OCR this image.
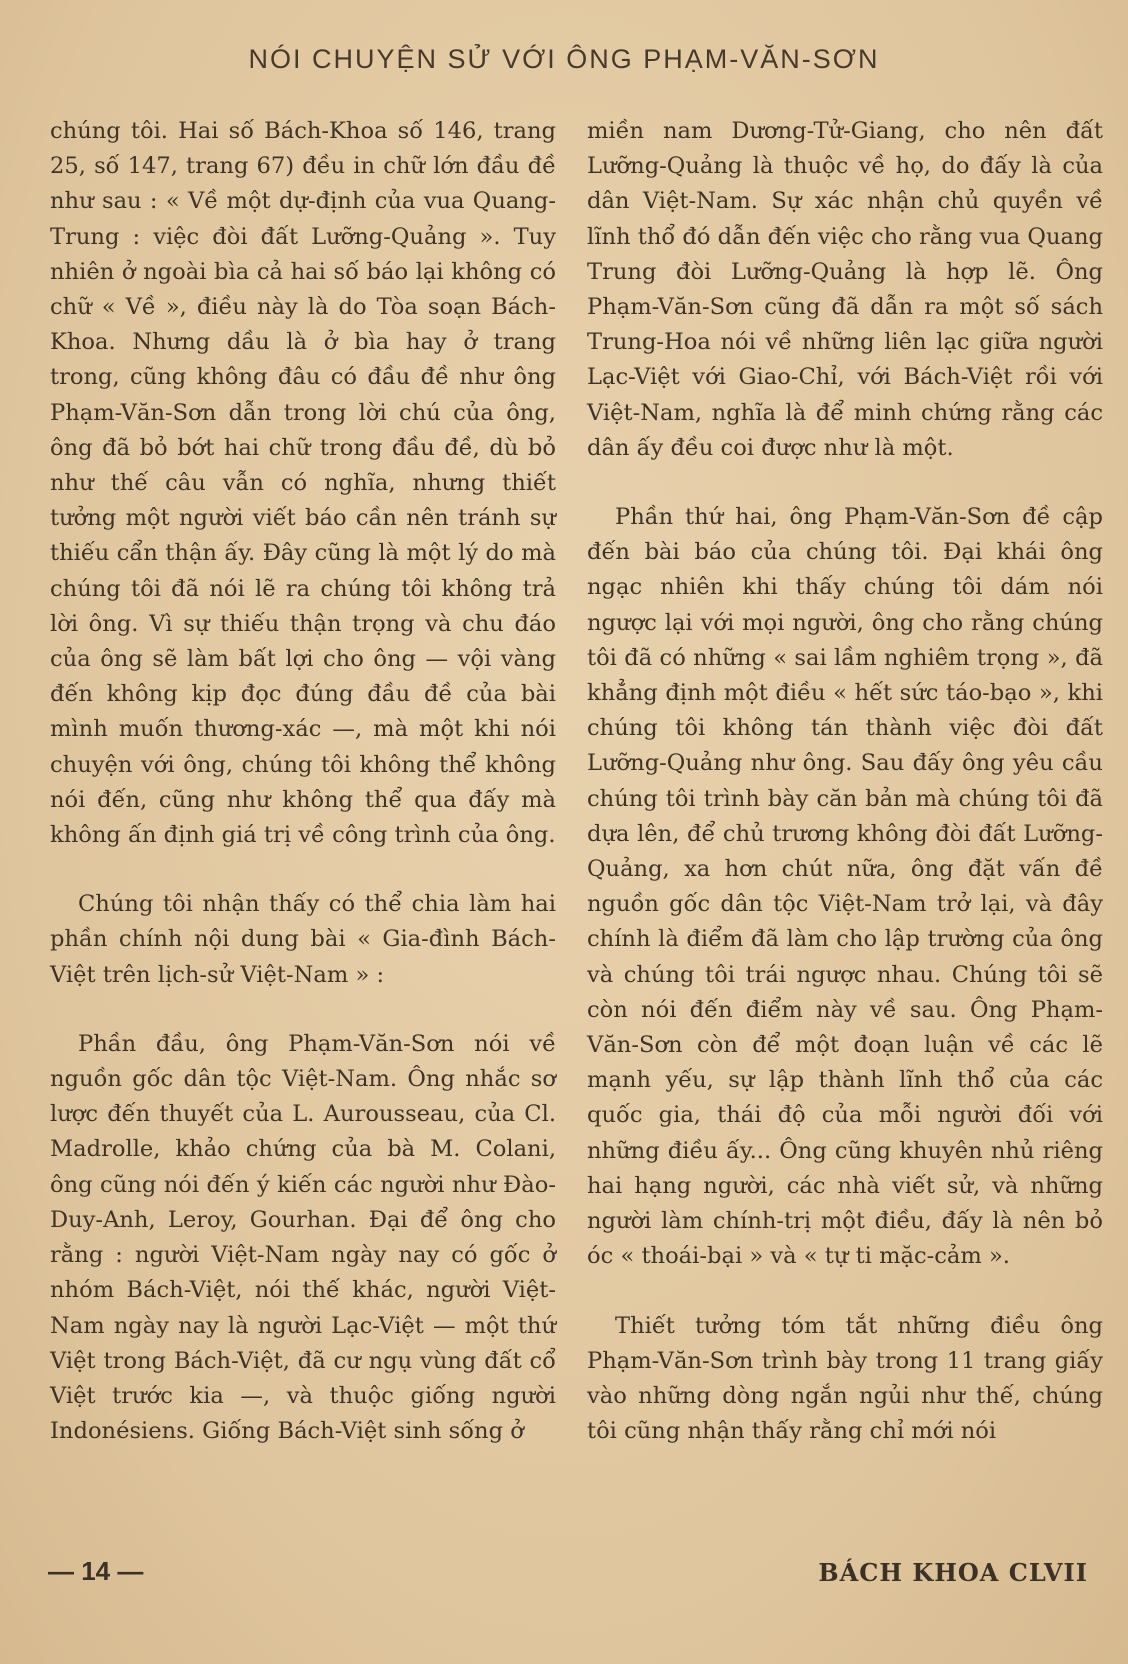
NÓI CHUYỆN SỬ VỚI ÔNG PHẠM-VĂN-SƠN

chúng tôi. Hai số Bách-Khoa số 146, trang 25, số 147, trang 67) đều in chữ lớn đầu đề như sau : « Về một dự-định của vua Quang-Trung : việc đòi đất Lưỡng-Quảng ». Tuy nhiên ở ngoài bìa cả hai số báo lại không có chữ « Về », điều này là do Tòa soạn Bách-Khoa. Nhưng dầu là ở bìa hay ở trang trong, cũng không đâu có đầu đề như ông Phạm-Văn-Sơn dẫn trong lời chú của ông, ông đã bỏ bớt hai chữ trong đầu đề, dù bỏ như thế câu vẫn có nghĩa, nhưng thiết tưởng một người viết báo cần nên tránh sự thiếu cẩn thận ấy. Đây cũng là một lý do mà chúng tôi đã nói lẽ ra chúng tôi không trả lời ông. Vì sự thiếu thận trọng và chu đáo của ông sẽ làm bất lợi cho ông — vội vàng đến không kịp đọc đúng đầu đề của bài mình muốn thương-xác —, mà một khi nói chuyện với ông, chúng tôi không thể không nói đến, cũng như không thể qua đấy mà không ấn định giá trị về công trình của ông.

Chúng tôi nhận thấy có thể chia làm hai phần chính nội dung bài « Gia-đình Bách-Việt trên lịch-sử Việt-Nam » :

Phần đầu, ông Phạm-Văn-Sơn nói về nguồn gốc dân tộc Việt-Nam. Ông nhắc sơ lược đến thuyết của L. Aurousseau, của Cl. Madrolle, khảo chứng của bà M. Colani, ông cũng nói đến ý kiến các người như Đào-Duy-Anh, Leroy, Gourhan. Đại để ông cho rằng : người Việt-Nam ngày nay có gốc ở nhóm Bách-Việt, nói thế khác, người Việt-Nam ngày nay là người Lạc-Việt — một thứ Việt trong Bách-Việt, đã cư ngụ vùng đất cổ Việt trước kia —, và thuộc giống người Indonésiens. Giống Bách-Việt sinh sống ở

miền nam Dương-Tử-Giang, cho nên đất Lưỡng-Quảng là thuộc về họ, do đấy là của dân Việt-Nam. Sự xác nhận chủ quyền về lĩnh thổ đó dẫn đến việc cho rằng vua Quang Trung đòi Lưỡng-Quảng là hợp lẽ. Ông Phạm-Văn-Sơn cũng đã dẫn ra một số sách Trung-Hoa nói về những liên lạc giữa người Lạc-Việt với Giao-Chỉ, với Bách-Việt rồi với Việt-Nam, nghĩa là để minh chứng rằng các dân ấy đều coi được như là một.

Phần thứ hai, ông Phạm-Văn-Sơn đề cập đến bài báo của chúng tôi. Đại khái ông ngạc nhiên khi thấy chúng tôi dám nói ngược lại với mọi người, ông cho rằng chúng tôi đã có những « sai lầm nghiêm trọng », đã khẳng định một điều « hết sức táo-bạo », khi chúng tôi không tán thành việc đòi đất Lưỡng-Quảng như ông. Sau đấy ông yêu cầu chúng tôi trình bày căn bản mà chúng tôi đã dựa lên, để chủ trương không đòi đất Lưỡng-Quảng, xa hơn chút nữa, ông đặt vấn đề nguồn gốc dân tộc Việt-Nam trở lại, và đây chính là điểm đã làm cho lập trường của ông và chúng tôi trái ngược nhau. Chúng tôi sẽ còn nói đến điểm này về sau. Ông Phạm-Văn-Sơn còn để một đoạn luận về các lẽ mạnh yếu, sự lập thành lĩnh thổ của các quốc gia, thái độ của mỗi người đối với những điều ấy... Ông cũng khuyên nhủ riêng hai hạng người, các nhà viết sử, và những người làm chính-trị một điều, đấy là nên bỏ óc « thoái-bại » và « tự ti mặc-cảm ».

Thiết tưởng tóm tắt những điều ông Phạm-Văn-Sơn trình bày trong 11 trang giấy vào những dòng ngắn ngủi như thế, chúng tôi cũng nhận thấy rằng chỉ mới nói

— 14 —	BÁCH KHOA CLVII
